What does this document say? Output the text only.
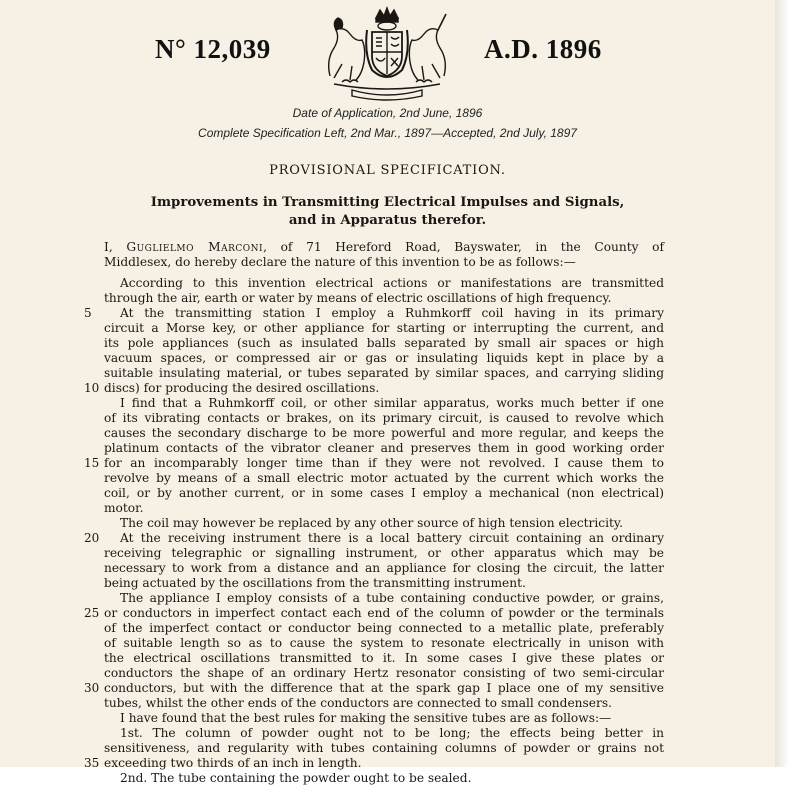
N° 12,039	A.D. 1896
Date of Application, 2nd June, 1896
Complete Specification Left, 2nd Mar., 1897—Accepted, 2nd July, 1897
PROVISIONAL SPECIFICATION.
Improvements in Transmitting Electrical Impulses and Signals,
and in Apparatus therefor.
I, Guglielmo Marconi, of 71 Hereford Road, Bayswater, in the County of
Middlesex, do hereby declare the nature of this invention to be as follows:—
According to this invention electrical actions or manifestations are transmitted
through the air, earth or water by means of electric oscillations of high frequency.
At the transmitting station I employ a Ruhmkorff coil having in its primary
circuit a Morse key, or other appliance for starting or interrupting the current, and
its pole appliances (such as insulated balls separated by small air spaces or high
vacuum spaces, or compressed air or gas or insulating liquids kept in place by a
suitable insulating material, or tubes separated by similar spaces, and carrying sliding
discs) for producing the desired oscillations.
I find that a Ruhmkorff coil, or other similar apparatus, works much better if one
of its vibrating contacts or brakes, on its primary circuit, is caused to revolve which
causes the secondary discharge to be more powerful and more regular, and keeps the
platinum contacts of the vibrator cleaner and preserves them in good working order
for an incomparably longer time than if they were not revolved. I cause them to
revolve by means of a small electric motor actuated by the current which works the
coil, or by another current, or in some cases I employ a mechanical (non electrical)
motor.
The coil may however be replaced by any other source of high tension electricity.
At the receiving instrument there is a local battery circuit containing an ordinary
receiving telegraphic or signalling instrument, or other apparatus which may be
necessary to work from a distance and an appliance for closing the circuit, the latter
being actuated by the oscillations from the transmitting instrument.
The appliance I employ consists of a tube containing conductive powder, or grains,
or conductors in imperfect contact each end of the column of powder or the terminals
of the imperfect contact or conductor being connected to a metallic plate, preferably
of suitable length so as to cause the system to resonate electrically in unison with
the electrical oscillations transmitted to it. In some cases I give these plates or
conductors the shape of an ordinary Hertz resonator consisting of two semi-circular
conductors, but with the difference that at the spark gap I place one of my sensitive
tubes, whilst the other ends of the conductors are connected to small condensers.
I have found that the best rules for making the sensitive tubes are as follows:—
1st. The column of powder ought not to be long; the effects being better in
sensitiveness, and regularity with tubes containing columns of powder or grains not
exceeding two thirds of an inch in length.
2nd. The tube containing the powder ought to be sealed.
5
10
15
20
25
30
35
